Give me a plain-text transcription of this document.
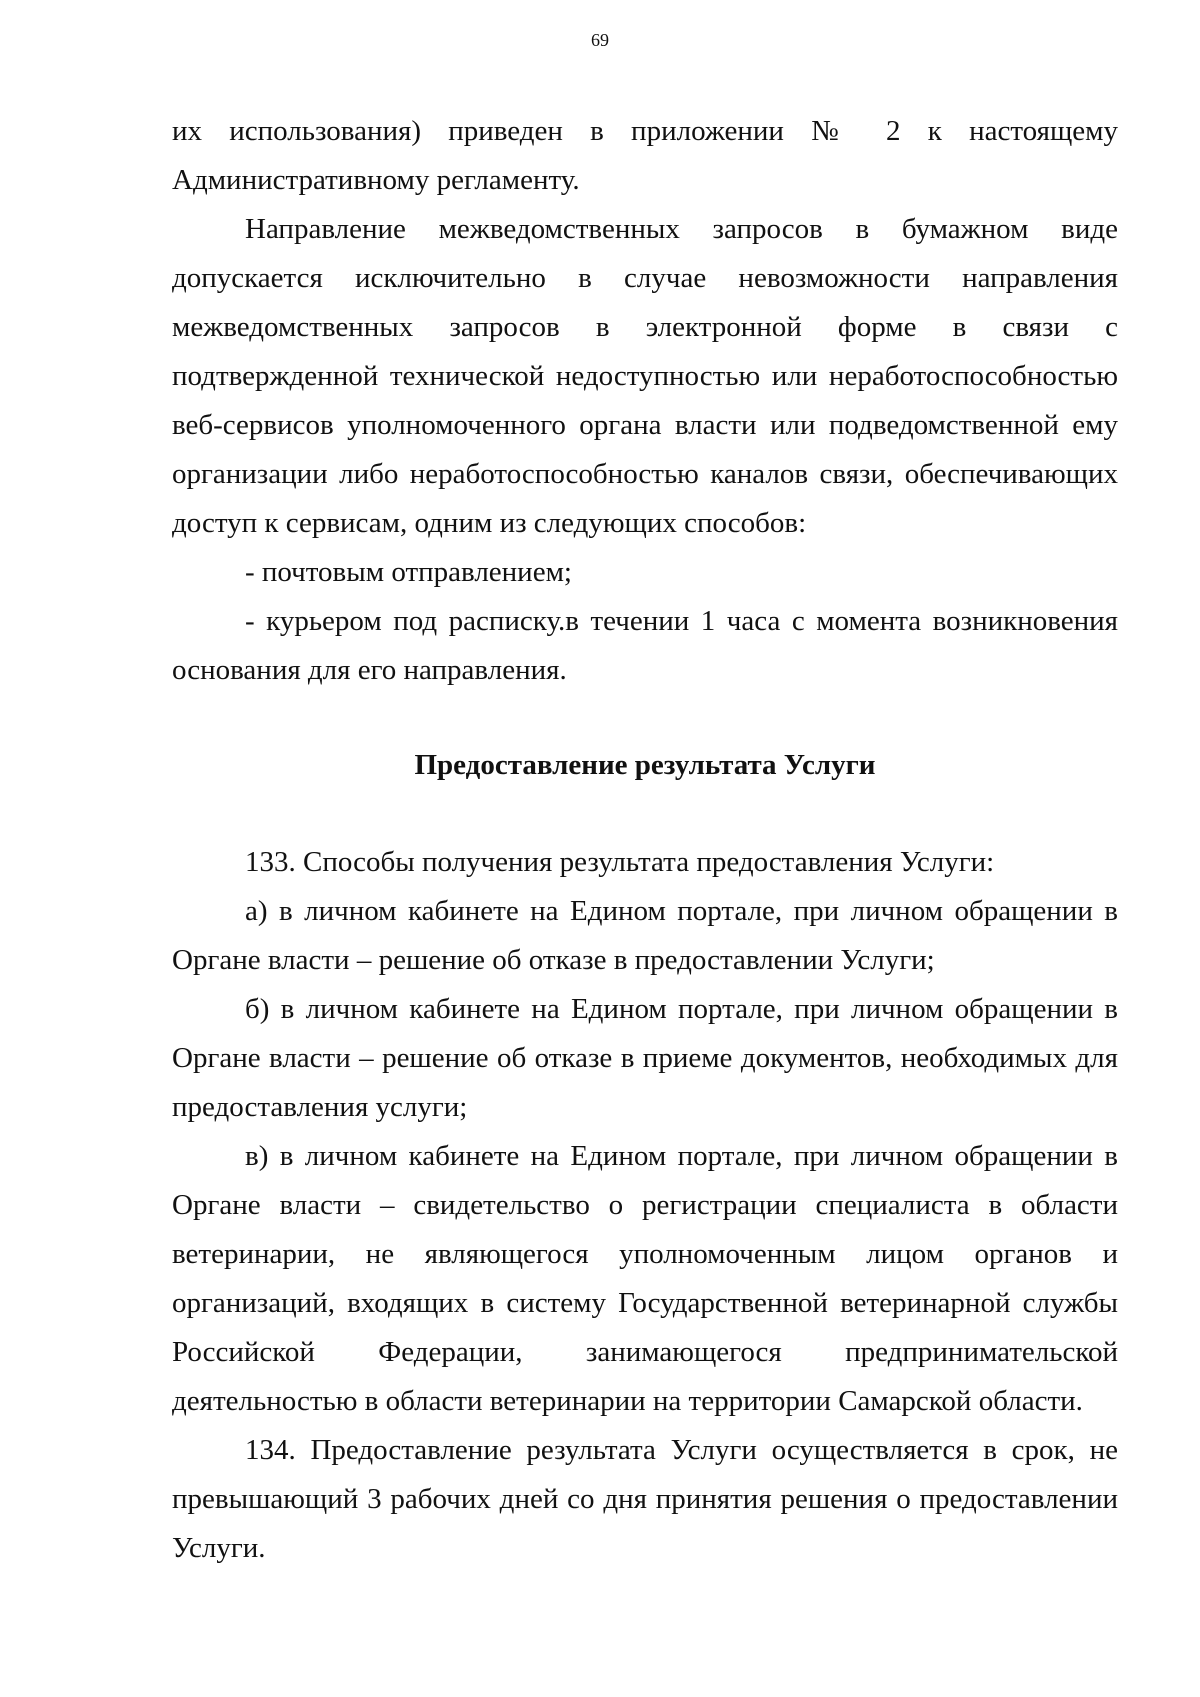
69

их использования) приведен в приложении № 2 к настоящему Административному регламенту.

Направление межведомственных запросов в бумажном виде допускается исключительно в случае невозможности направления межведомственных запросов в электронной форме в связи с подтвержденной технической недоступностью или неработоспособностью веб-сервисов уполномоченного органа власти или подведомственной ему организации либо неработоспособностью каналов связи, обеспечивающих доступ к сервисам, одним из следующих способов:

- почтовым отправлением;

- курьером под расписку.в течении 1 часа с момента возникновения основания для его направления.

Предоставление результата Услуги

133. Способы получения результата предоставления Услуги:

а) в личном кабинете на Едином портале, при личном обращении в Органе власти – решение об отказе в предоставлении Услуги;

б) в личном кабинете на Едином портале, при личном обращении в Органе власти – решение об отказе в приеме документов, необходимых для предоставления услуги;

в) в личном кабинете на Едином портале, при личном обращении в Органе власти – свидетельство о регистрации специалиста в области ветеринарии, не являющегося уполномоченным лицом органов и организаций, входящих в систему Государственной ветеринарной службы Российской Федерации, занимающегося предпринимательской деятельностью в области ветеринарии на территории Самарской области.

134. Предоставление результата Услуги осуществляется в срок, не превышающий 3 рабочих дней со дня принятия решения о предоставлении Услуги.
